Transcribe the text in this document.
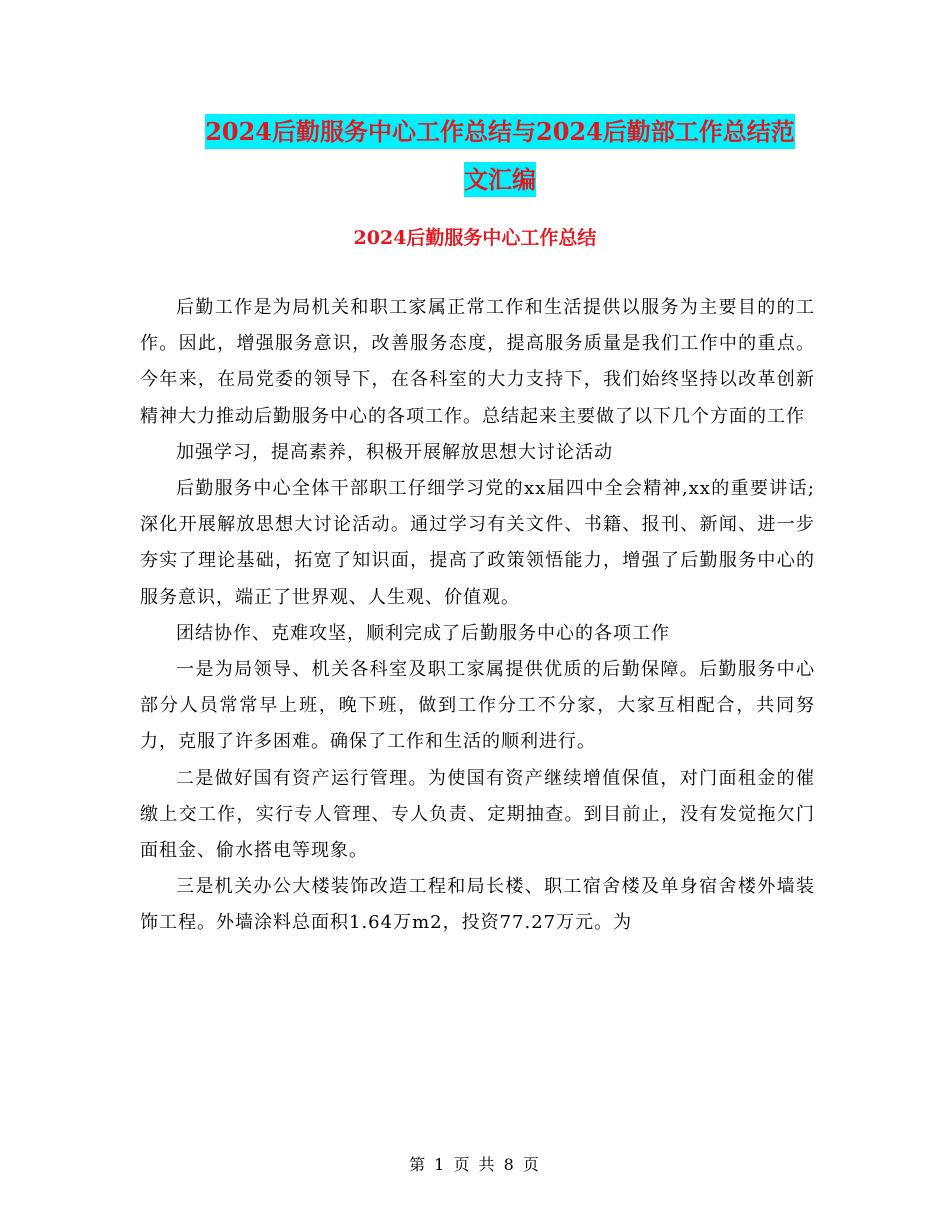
2024后勤服务中心工作总结与2024后勤部工作总结范
文汇编
2024后勤服务中心工作总结

后勤工作是为局机关和职工家属正常工作和生活提供以服务为主要目的的工作。因此，增强服务意识，改善服务态度，提高服务质量是我们工作中的重点。今年来，在局党委的领导下，在各科室的大力支持下，我们始终坚持以改革创新精神大力推动后勤服务中心的各项工作。总结起来主要做了以下几个方面的工作

加强学习，提高素养，积极开展解放思想大讨论活动

后勤服务中心全体干部职工仔细学习党的xx届四中全会精神,xx的重要讲话;深化开展解放思想大讨论活动。通过学习有关文件、书籍、报刊、新闻、进一步夯实了理论基础，拓宽了知识面，提高了政策领悟能力，增强了后勤服务中心的服务意识，端正了世界观、人生观、价值观。

团结协作、克难攻坚，顺利完成了后勤服务中心的各项工作

一是为局领导、机关各科室及职工家属提供优质的后勤保障。后勤服务中心部分人员常常早上班，晚下班，做到工作分工不分家，大家互相配合，共同努力，克服了许多困难。确保了工作和生活的顺利进行。

二是做好国有资产运行管理。为使国有资产继续增值保值，对门面租金的催缴上交工作，实行专人管理、专人负责、定期抽查。到目前止，没有发觉拖欠门面租金、偷水搭电等现象。

三是机关办公大楼装饰改造工程和局长楼、职工宿舍楼及单身宿舍楼外墙装饰工程。外墙涂料总面积1.64万m2，投资77.27万元。为

第 1 页 共 8 页
